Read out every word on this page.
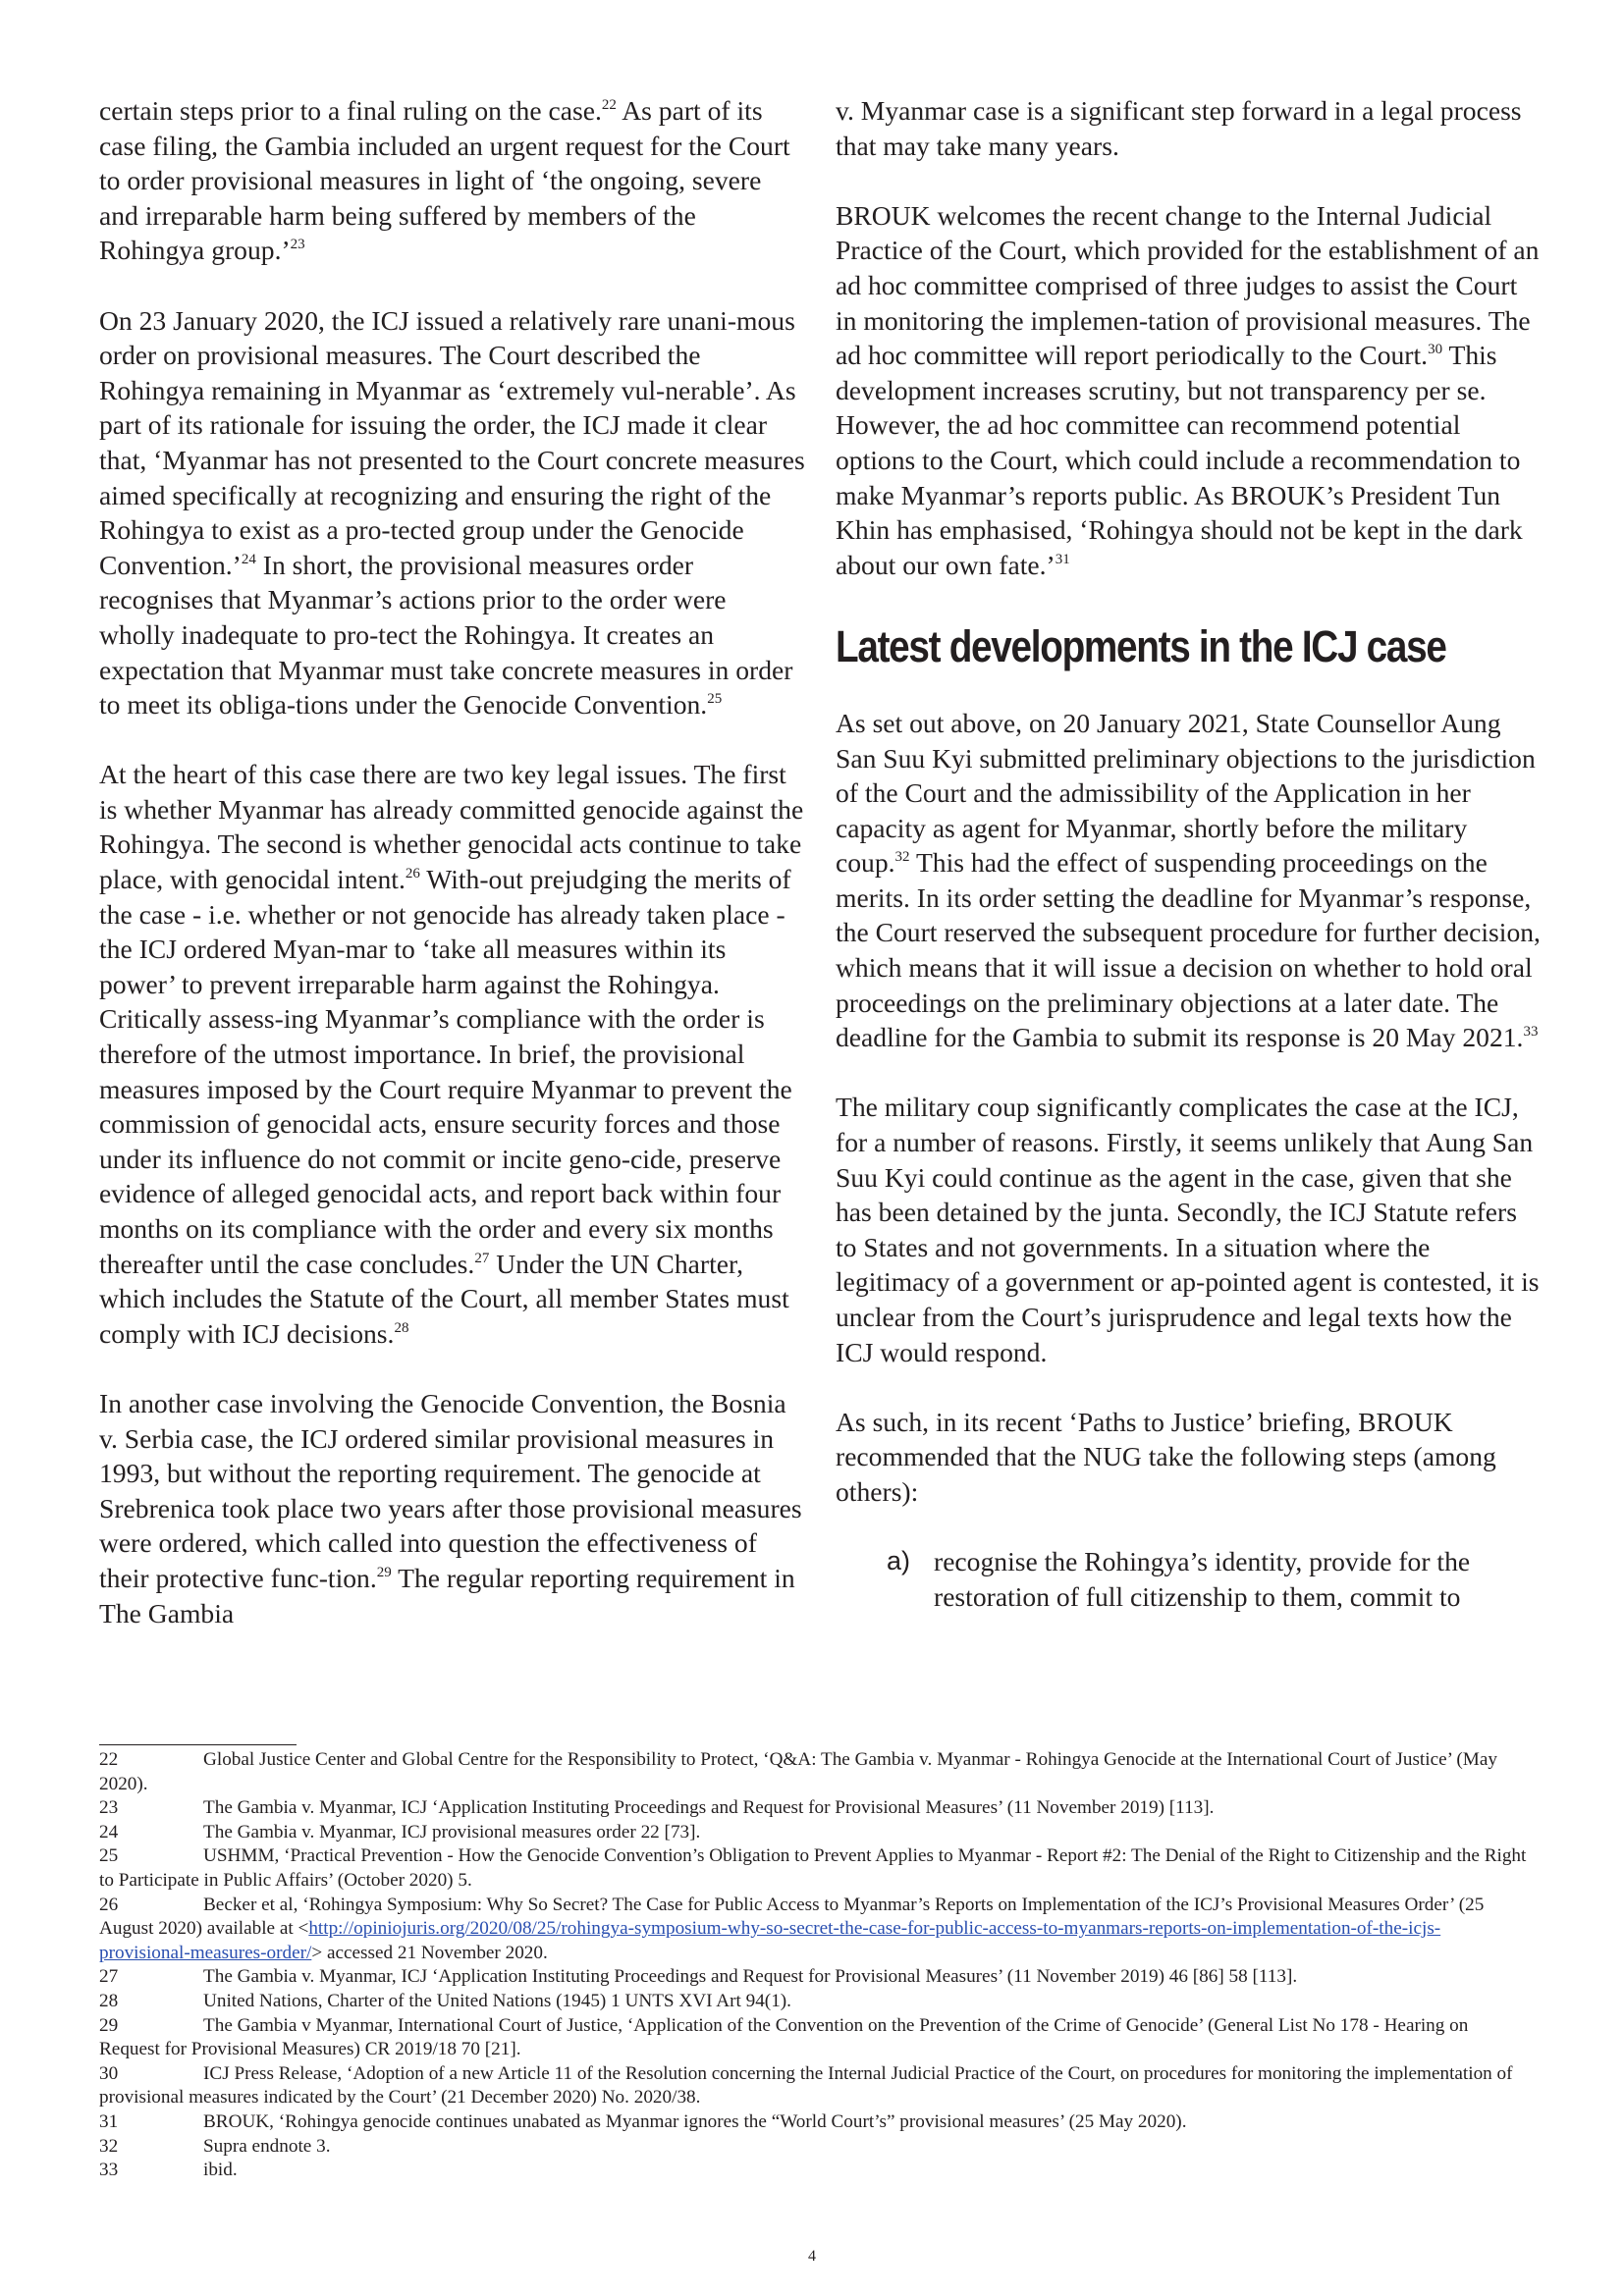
certain steps prior to a final ruling on the case.$^{22}$ As part of its case filing, the Gambia included an urgent request for the Court to order provisional measures in light of ‘the ongoing, severe and irreparable harm being suffered by members of the Rohingya group.’$^{23}$

On 23 January 2020, the ICJ issued a relatively rare unani-mous order on provisional measures. The Court described the Rohingya remaining in Myanmar as ‘extremely vul-nerable’. As part of its rationale for issuing the order, the ICJ made it clear that, ‘Myanmar has not presented to the Court concrete measures aimed specifically at recognizing and ensuring the right of the Rohingya to exist as a pro-tected group under the Genocide Convention.’$^{24}$ In short, the provisional measures order recognises that Myanmar’s actions prior to the order were wholly inadequate to pro-tect the Rohingya. It creates an expectation that Myanmar must take concrete measures in order to meet its obliga-tions under the Genocide Convention.$^{25}$

At the heart of this case there are two key legal issues. The first is whether Myanmar has already committed genocide against the Rohingya. The second is whether genocidal acts continue to take place, with genocidal intent.$^{26}$ With-out prejudging the merits of the case - i.e. whether or not genocide has already taken place - the ICJ ordered Myan-mar to ‘take all measures within its power’ to prevent irreparable harm against the Rohingya. Critically assess-ing Myanmar’s compliance with the order is therefore of the utmost importance. In brief, the provisional measures imposed by the Court require Myanmar to prevent the commission of genocidal acts, ensure security forces and those under its influence do not commit or incite geno-cide, preserve evidence of alleged genocidal acts, and report back within four months on its compliance with the order and every six months thereafter until the case concludes.$^{27}$ Under the UN Charter, which includes the Statute of the Court, all member States must comply with ICJ decisions.$^{28}$

In another case involving the Genocide Convention, the Bosnia v. Serbia case, the ICJ ordered similar provisional measures in 1993, but without the reporting requirement. The genocide at Srebrenica took place two years after those provisional measures were ordered, which called into question the effectiveness of their protective func-tion.$^{29}$ The regular reporting requirement in The Gambia

v. Myanmar case is a significant step forward in a legal process that may take many years.

BROUK welcomes the recent change to the Internal Judicial Practice of the Court, which provided for the establishment of an ad hoc committee comprised of three judges to assist the Court in monitoring the implemen-tation of provisional measures. The ad hoc committee will report periodically to the Court.$^{30}$ This development increases scrutiny, but not transparency per se. However, the ad hoc committee can recommend potential options to the Court, which could include a recommendation to make Myanmar’s reports public. As BROUK’s President Tun Khin has emphasised, ‘Rohingya should not be kept in the dark about our own fate.’$^{31}$

Latest developments in the ICJ case

As set out above, on 20 January 2021, State Counsellor Aung San Suu Kyi submitted preliminary objections to the jurisdiction of the Court and the admissibility of the Application in her capacity as agent for Myanmar, shortly before the military coup.$^{32}$ This had the effect of suspending proceedings on the merits. In its order setting the deadline for Myanmar’s response, the Court reserved the subsequent procedure for further decision, which means that it will issue a decision on whether to hold oral proceedings on the preliminary objections at a later date. The deadline for the Gambia to submit its response is 20 May 2021.33

The military coup significantly complicates the case at the ICJ, for a number of reasons. Firstly, it seems unlikely that Aung San Suu Kyi could continue as the agent in the case, given that she has been detained by the junta. Secondly, the ICJ Statute refers to States and not governments. In a situation where the legitimacy of a government or ap-pointed agent is contested, it is unclear from the Court’s jurisprudence and legal texts how the ICJ would respond.

As such, in its recent ‘Paths to Justice’ briefing, BROUK recommended that the NUG take the following steps (among others):

a) recognise the Rohingya’s identity, provide for the restoration of full citizenship to them, commit to

22	Global Justice Center and Global Centre for the Responsibility to Protect, ‘Q&A: The Gambia v. Myanmar - Rohingya Genocide at the International Court of Justice’ (May 2020).

23	The Gambia v. Myanmar, ICJ ‘Application Instituting Proceedings and Request for Provisional Measures’ (11 November 2019) [113].

24	The Gambia v. Myanmar, ICJ provisional measures order 22 [73].

25	USHMM, ‘Practical Prevention - How the Genocide Convention’s Obligation to Prevent Applies to Myanmar - Report #2: The Denial of the Right to Citizenship and the Right to Participate in Public Affairs’ (October 2020) 5.

26	Becker et al, ‘Rohingya Symposium: Why So Secret? The Case for Public Access to Myanmar’s Reports on Implementation of the ICJ’s Provisional Measures Order’ (25 August 2020) available at <http://opiniojuris.org/2020/08/25/rohingya-symposium-why-so-secret-the-case-for-public-access-to-myanmars-reports-on-implementation-of-the-icjs-provisional-measures-order/> accessed 21 November 2020.

27	The Gambia v. Myanmar, ICJ ‘Application Instituting Proceedings and Request for Provisional Measures’ (11 November 2019) 46 [86] 58 [113].

28	United Nations, Charter of the United Nations (1945) 1 UNTS XVI Art 94(1).

29	The Gambia v Myanmar, International Court of Justice, ‘Application of the Convention on the Prevention of the Crime of Genocide’ (General List No 178 - Hearing on Request for Provisional Measures) CR 2019/18 70 [21].

30	ICJ Press Release, ‘Adoption of a new Article 11 of the Resolution concerning the Internal Judicial Practice of the Court, on procedures for monitoring the implementation of provisional measures indicated by the Court’ (21 December 2020) No. 2020/38.

31	BROUK, ‘Rohingya genocide continues unabated as Myanmar ignores the “World Court’s” provisional measures’ (25 May 2020).

32	Supra endnote 3.

33	ibid.

4
